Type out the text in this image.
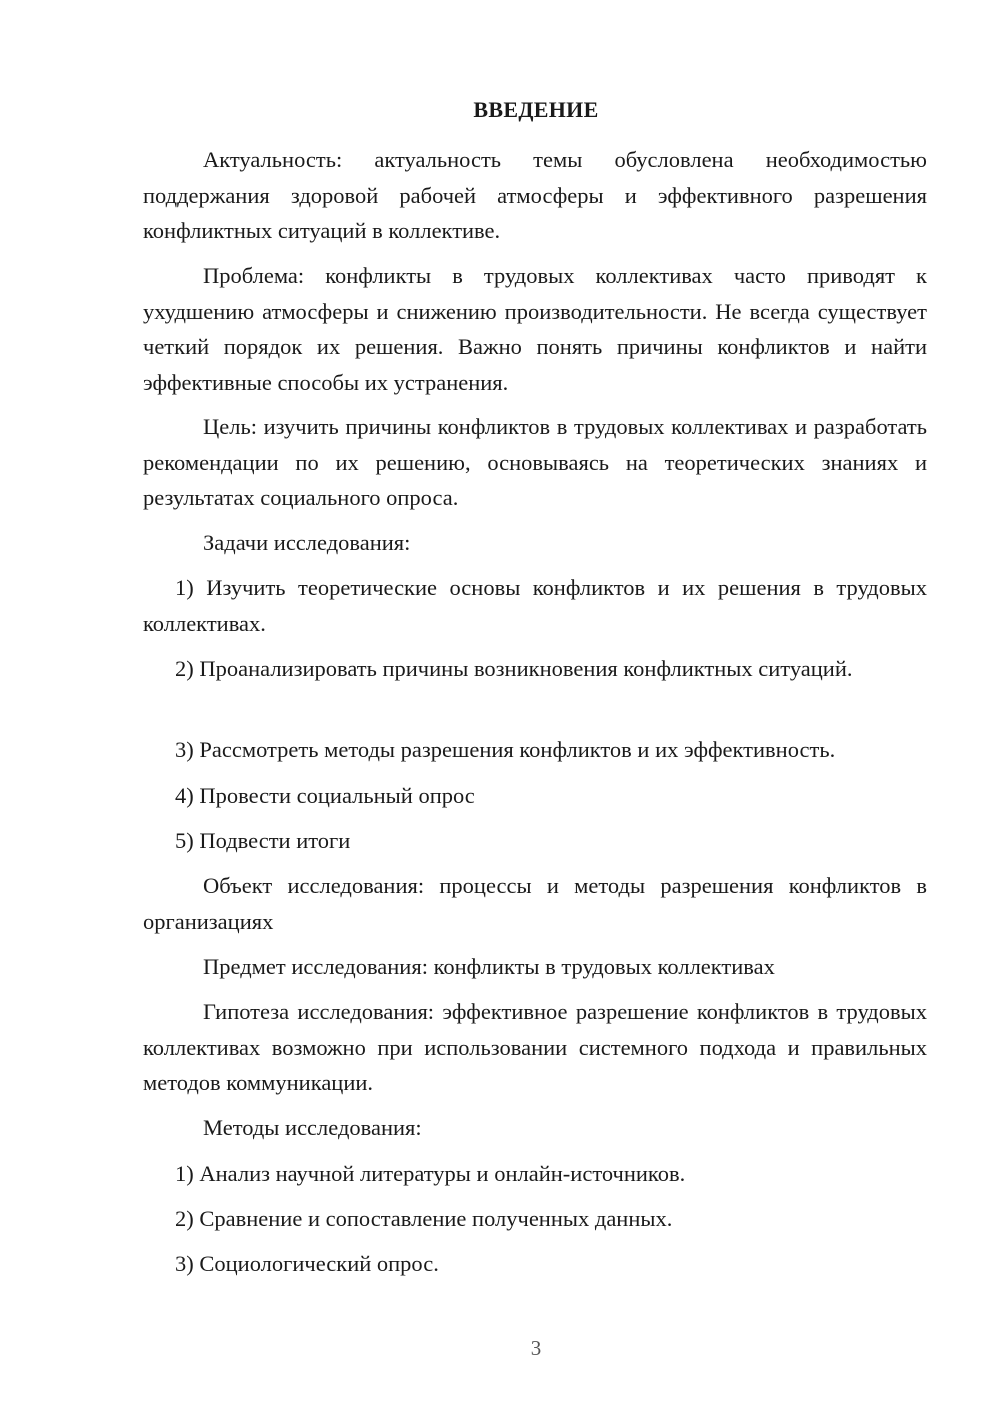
ВВЕДЕНИЕ

Актуальность: актуальность темы обусловлена необходимостью поддержания здоровой рабочей атмосферы и эффективного разрешения конфликтных ситуаций в коллективе.

Проблема: конфликты в трудовых коллективах часто приводят к ухудшению атмосферы и снижению производительности. Не всегда существует четкий порядок их решения. Важно понять причины конфликтов и найти эффективные способы их устранения.

Цель: изучить причины конфликтов в трудовых коллективах и разработать рекомендации по их решению, основываясь на теоретических знаниях и результатах социального опроса.

Задачи исследования:

1) Изучить теоретические основы конфликтов и их решения в трудовых коллективах.

2) Проанализировать причины возникновения конфликтных ситуаций.

3) Рассмотреть методы разрешения конфликтов и их эффективность.

4) Провести социальный опрос

5) Подвести итоги

Объект исследования: процессы и методы разрешения конфликтов в организациях

Предмет исследования: конфликты в трудовых коллективах

Гипотеза исследования: эффективное разрешение конфликтов в трудовых коллективах возможно при использовании системного подхода и правильных методов коммуникации.

Методы исследования:

1) Анализ научной литературы и онлайн-источников.

2) Сравнение и сопоставление полученных данных.

3) Социологический опрос.

3
